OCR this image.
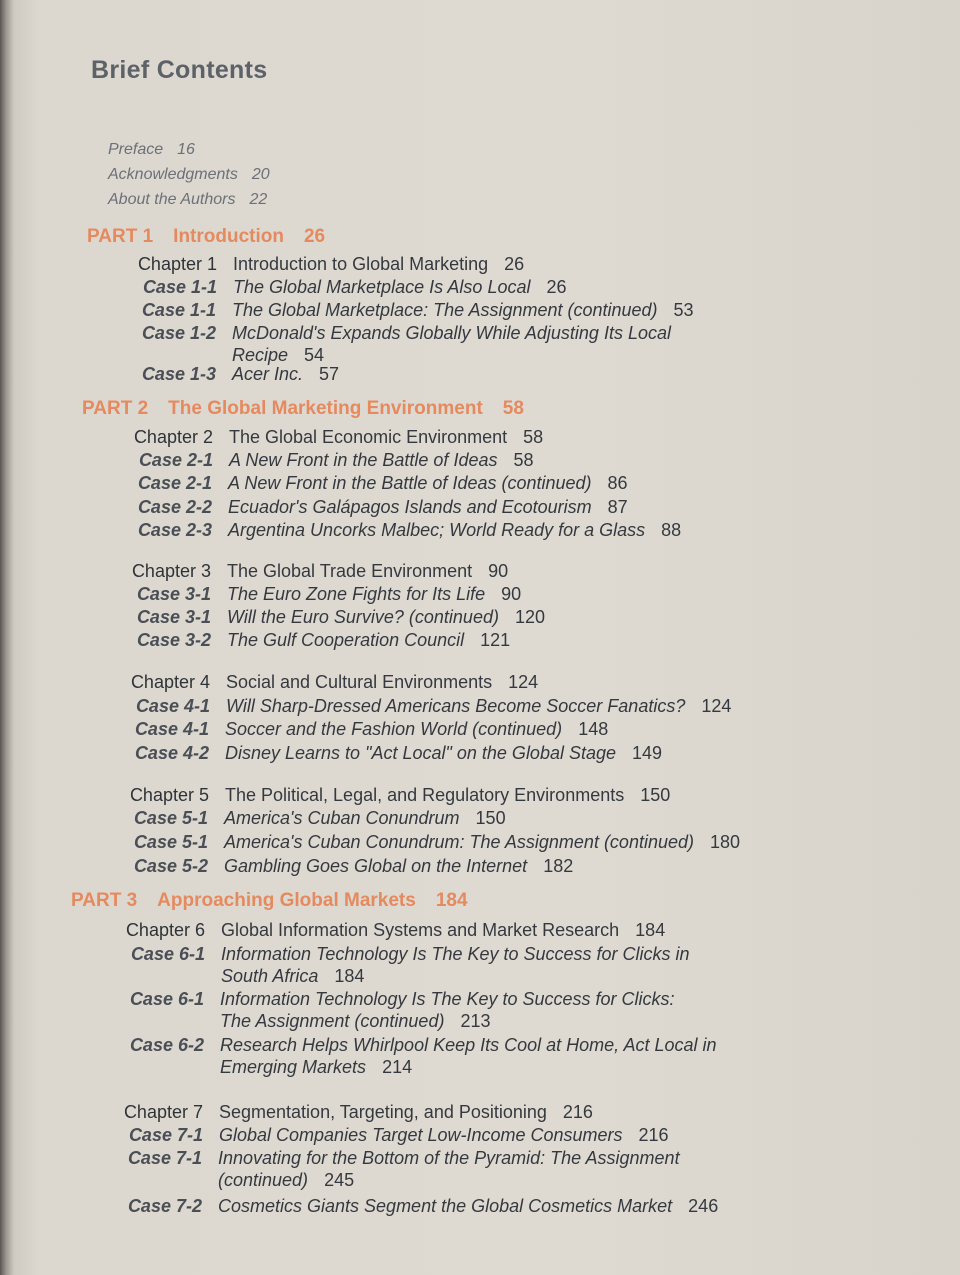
Brief Contents
Preface 16
Acknowledgments 20
About the Authors 22
PART 1 Introduction 26
Chapter 1 Introduction to Global Marketing 26
Case 1-1 The Global Marketplace Is Also Local 26
Case 1-1 The Global Marketplace: The Assignment (continued) 53
Case 1-2 McDonald's Expands Globally While Adjusting Its Local
Recipe 54
Case 1-3 Acer Inc. 57
PART 2 The Global Marketing Environment 58
Chapter 2 The Global Economic Environment 58
Case 2-1 A New Front in the Battle of Ideas 58
Case 2-1 A New Front in the Battle of Ideas (continued) 86
Case 2-2 Ecuador's Galápagos Islands and Ecotourism 87
Case 2-3 Argentina Uncorks Malbec; World Ready for a Glass 88
Chapter 3 The Global Trade Environment 90
Case 3-1 The Euro Zone Fights for Its Life 90
Case 3-1 Will the Euro Survive? (continued) 120
Case 3-2 The Gulf Cooperation Council 121
Chapter 4 Social and Cultural Environments 124
Case 4-1 Will Sharp-Dressed Americans Become Soccer Fanatics? 124
Case 4-1 Soccer and the Fashion World (continued) 148
Case 4-2 Disney Learns to "Act Local" on the Global Stage 149
Chapter 5 The Political, Legal, and Regulatory Environments 150
Case 5-1 America's Cuban Conundrum 150
Case 5-1 America's Cuban Conundrum: The Assignment (continued) 180
Case 5-2 Gambling Goes Global on the Internet 182
PART 3 Approaching Global Markets 184
Chapter 6 Global Information Systems and Market Research 184
Case 6-1 Information Technology Is The Key to Success for Clicks in
South Africa 184
Case 6-1 Information Technology Is The Key to Success for Clicks:
The Assignment (continued) 213
Case 6-2 Research Helps Whirlpool Keep Its Cool at Home, Act Local in
Emerging Markets 214
Chapter 7 Segmentation, Targeting, and Positioning 216
Case 7-1 Global Companies Target Low-Income Consumers 216
Case 7-1 Innovating for the Bottom of the Pyramid: The Assignment
(continued) 245
Case 7-2 Cosmetics Giants Segment the Global Cosmetics Market 246
